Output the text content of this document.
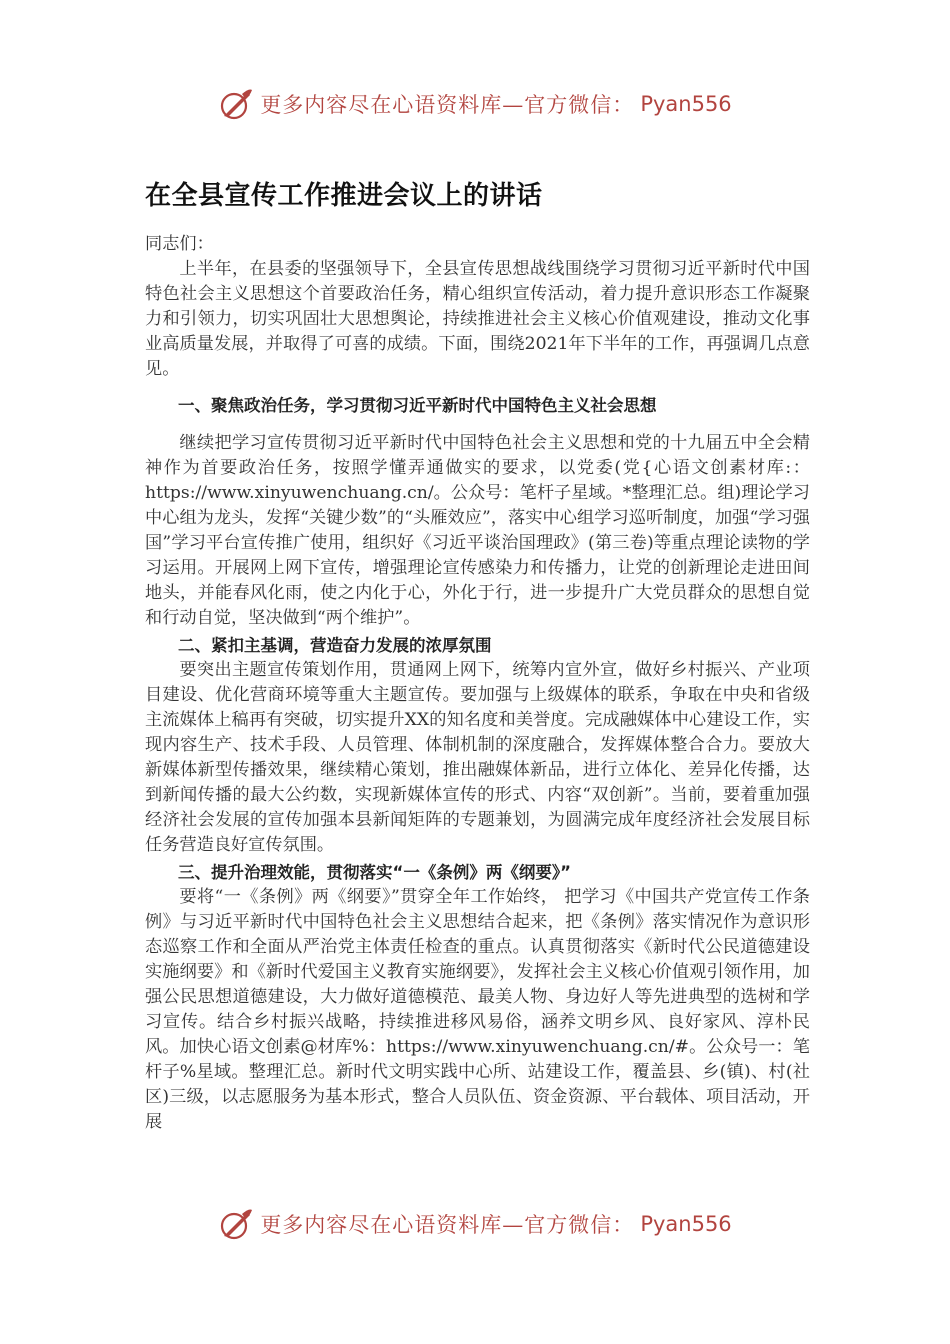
更多内容尽在心语资料库—官方微信： Pyan556
在全县宣传工作推进会议上的讲话

同志们：

上半年，在县委的坚强领导下，全县宣传思想战线围绕学习贯彻习近平新时代中国特色社会主义思想这个首要政治任务，精心组织宣传活动，着力提升意识形态工作凝聚力和引领力，切实巩固壮大思想舆论，持续推进社会主义核心价值观建设，推动文化事业高质量发展，并取得了可喜的成绩。下面，围绕2021年下半年的工作，再强调几点意见。

一、聚焦政治任务，学习贯彻习近平新时代中国特色主义社会思想

继续把学习宣传贯彻习近平新时代中国特色社会主义思想和党的十九届五中全会精神作为首要政治任务，按照学懂弄通做实的要求，以党委(党{心语文创素材库:：https://www.xinyuwenchuang.cn/。公众号：笔杆子星域。*整理汇总。组)理论学习中心组为龙头，发挥“关键少数”的“头雁效应”，落实中心组学习巡听制度，加强“学习强国”学习平台宣传推广使用，组织好《习近平谈治国理政》(第三卷)等重点理论读物的学习运用。开展网上网下宣传，增强理论宣传感染力和传播力，让党的创新理论走进田间地头，并能春风化雨，使之内化于心，外化于行，进一步提升广大党员群众的思想自觉和行动自觉，坚决做到“两个维护”。

二、紧扣主基调，营造奋力发展的浓厚氛围

要突出主题宣传策划作用，贯通网上网下，统筹内宣外宣，做好乡村振兴、产业项目建设、优化营商环境等重大主题宣传。要加强与上级媒体的联系，争取在中央和省级主流媒体上稿再有突破，切实提升XX的知名度和美誉度。完成融媒体中心建设工作，实现内容生产、技术手段、人员管理、体制机制的深度融合，发挥媒体整合合力。要放大新媒体新型传播效果，继续精心策划，推出融媒体新品，进行立体化、差异化传播，达到新闻传播的最大公约数，实现新媒体宣传的形式、内容“双创新”。当前，要着重加强经济社会发展的宣传加强本县新闻矩阵的专题兼划，为圆满完成年度经济社会发展目标任务营造良好宣传氛围。

三、提升治理效能，贯彻落实“一《条例》两《纲要》”

要将“一《条例》两《纲要》”贯穿全年工作始终， 把学习《中国共产党宣传工作条例》与习近平新时代中国特色社会主义思想结合起来，把《条例》落实情况作为意识形态巡察工作和全面从严治党主体责任检查的重点。认真贯彻落实《新时代公民道德建设实施纲要》和《新时代爱国主义教育实施纲要》，发挥社会主义核心价值观引领作用，加强公民思想道德建设，大力做好道德模范、最美人物、身边好人等先进典型的选树和学习宣传。结合乡村振兴战略，持续推进移风易俗，涵养文明乡风、良好家风、淳朴民风。加快心语文创素@材库%：https://www.xinyuwenchuang.cn/#。公众号一：笔杆子%星域。整理汇总。新时代文明实践中心所、站建设工作，覆盖县、乡(镇)、村(社区)三级，以志愿服务为基本形式，整合人员队伍、资金资源、平台载体、项目活动，开展

更多内容尽在心语资料库—官方微信： Pyan556
